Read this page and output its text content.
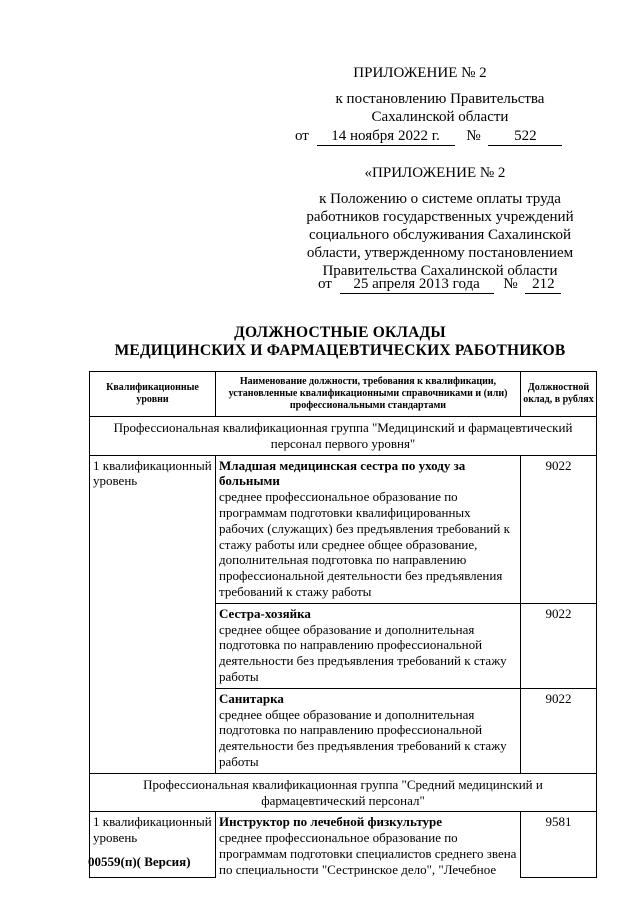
ПРИЛОЖЕНИЕ № 2
к постановлению Правительства
Сахалинской области
от 14 ноября 2022 г. № 522
«ПРИЛОЖЕНИЕ № 2
к Положению о системе оплаты труда
работников государственных учреждений
социального обслуживания Сахалинской
области, утвержденному постановлением
Правительства Сахалинской области
от 25 апреля 2013 года № 212
ДОЛЖНОСТНЫЕ ОКЛАДЫ
МЕДИЦИНСКИХ И ФАРМАЦЕВТИЧЕСКИХ РАБОТНИКОВ
Квалификационные уровни	Наименование должности, требования к квалификации, установленные квалификационными справочниками и (или) профессиональными стандартами	Должностной оклад, в рублях
Профессиональная квалификационная группа "Медицинский и фармацевтический персонал первого уровня"		
1 квалификационный уровень	Младшая медицинская сестра по уходу за больными
среднее профессиональное образование по программам подготовки квалифицированных рабочих (служащих) без предъявления требований к стажу работы или среднее общее образование, дополнительная подготовка по направлению профессиональной деятельности без предъявления требований к стажу работы	9022

	Сестра-хозяйка
среднее общее образование и дополнительная подготовка по направлению профессиональной деятельности без предъявления требований к стажу работы	9022

	Санитарка
среднее общее образование и дополнительная подготовка по направлению профессиональной деятельности без предъявления требований к стажу работы	9022
Профессиональная квалификационная группа "Средний медицинский и фармацевтический персонал"		
1 квалификационный уровень	Инструктор по лечебной физкультуре
среднее профессиональное образование по программам подготовки специалистов среднего звена по специальности "Сестринское дело", "Лечебное	9581
00559(п)( Версия)
